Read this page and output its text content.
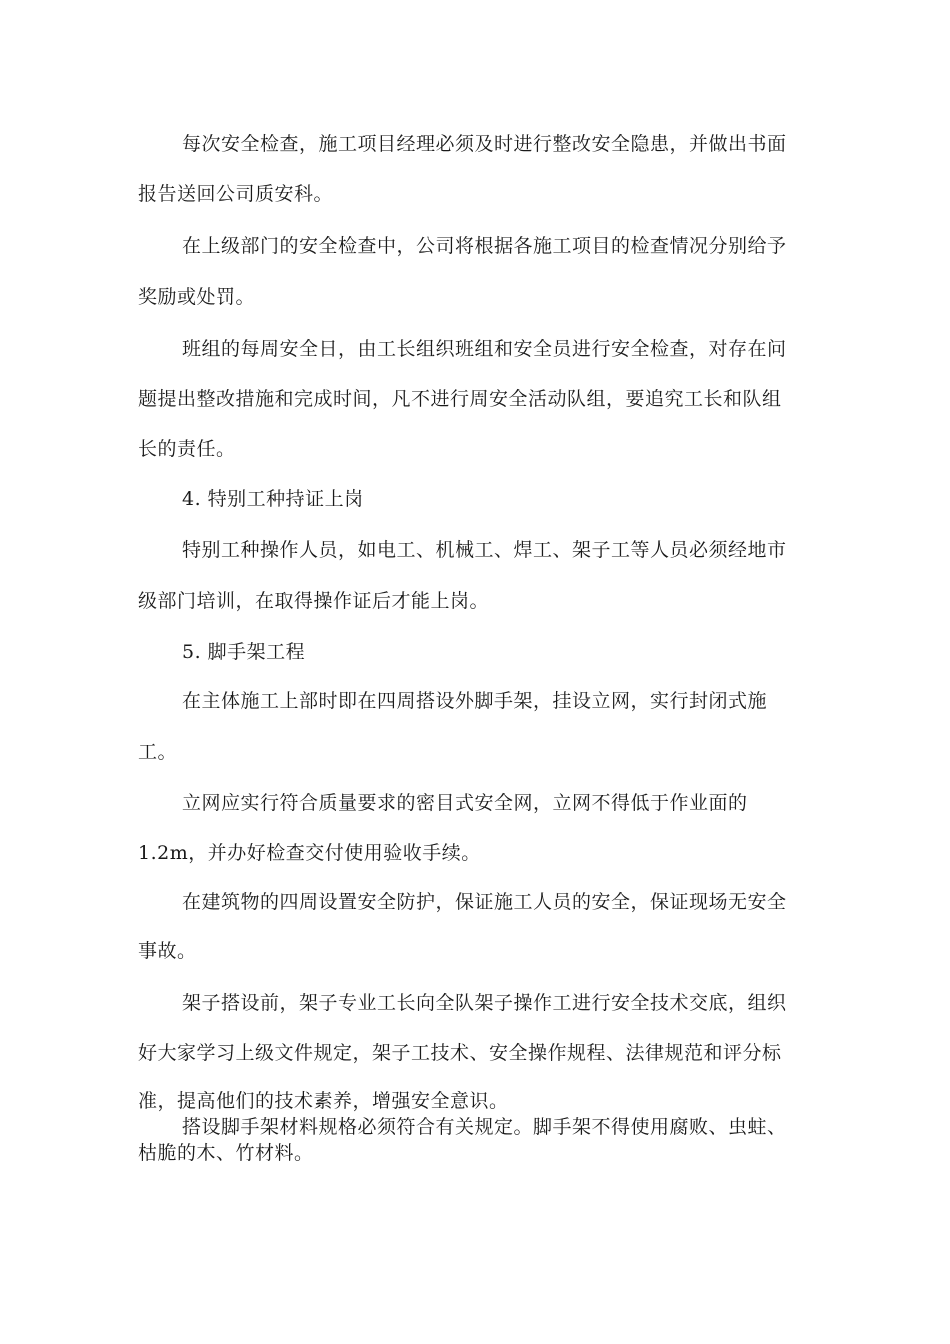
每次安全检查，施工项目经理必须及时进行整改安全隐患，并做出书面
报告送回公司质安科。
在上级部门的安全检查中，公司将根据各施工项目的检查情况分别给予
奖励或处罚。
班组的每周安全日，由工长组织班组和安全员进行安全检查，对存在问
题提出整改措施和完成时间，凡不进行周安全活动队组，要追究工长和队组
长的责任。
4. 特别工种持证上岗
特别工种操作人员，如电工、机械工、焊工、架子工等人员必须经地市
级部门培训，在取得操作证后才能上岗。
5. 脚手架工程
在主体施工上部时即在四周搭设外脚手架，挂设立网，实行封闭式施
工。
立网应实行符合质量要求的密目式安全网，立网不得低于作业面的
1.2m，并办好检查交付使用验收手续。
在建筑物的四周设置安全防护，保证施工人员的安全，保证现场无安全
事故。
架子搭设前，架子专业工长向全队架子操作工进行安全技术交底，组织
好大家学习上级文件规定，架子工技术、安全操作规程、法律规范和评分标
准，提高他们的技术素养，增强安全意识。
搭设脚手架材料规格必须符合有关规定。脚手架不得使用腐败、虫蛀、
枯脆的木、竹材料。
